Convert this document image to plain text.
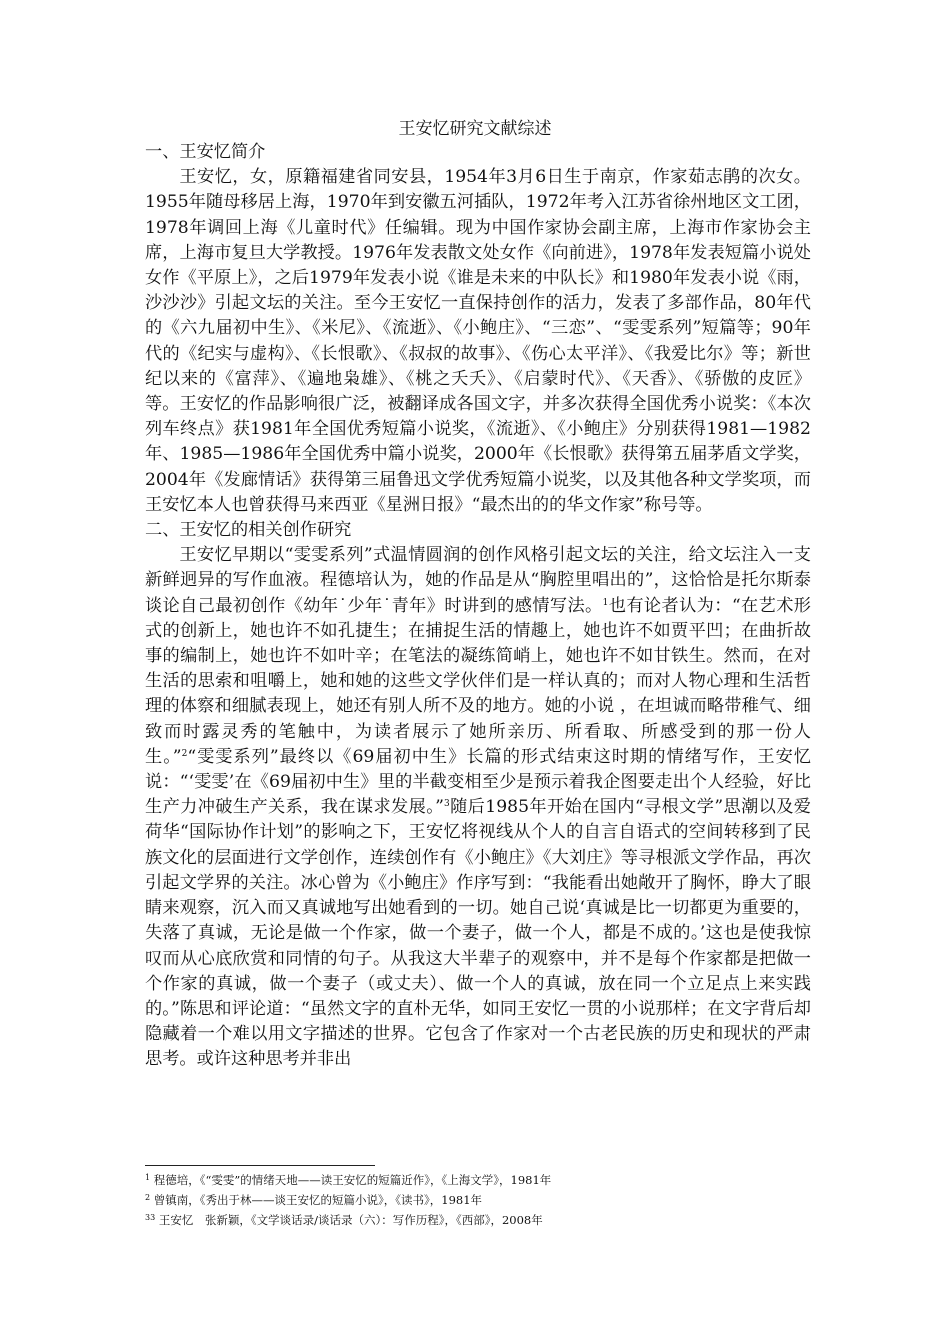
王安忆研究文献综述
一、王安忆简介

王安忆，女，原籍福建省同安县，1954年3月6日生于南京，作家茹志鹃的次女。1955年随母移居上海，1970年到安徽五河插队，1972年考入江苏省徐州地区文工团，1978年调回上海《儿童时代》任编辑。现为中国作家协会副主席，上海市作家协会主席，上海市复旦大学教授。1976年发表散文处女作《向前进》，1978年发表短篇小说处女作《平原上》，之后1979年发表小说《谁是未来的中队长》和1980年发表小说《雨，沙沙沙》引起文坛的关注。至今王安忆一直保持创作的活力，发表了多部作品，80年代的《六九届初中生》、《米尼》、《流逝》、《小鲍庄》、“三恋”、“雯雯系列”短篇等；90年代的《纪实与虚构》、《长恨歌》、《叔叔的故事》、《伤心太平洋》、《我爱比尔》等；新世纪以来的《富萍》、《遍地枭雄》、《桃之夭夭》、《启蒙时代》、《天香》、《骄傲的皮匠》等。王安忆的作品影响很广泛，被翻译成各国文字，并多次获得全国优秀小说奖：《本次列车终点》获1981年全国优秀短篇小说奖，《流逝》、《小鲍庄》分别获得1981—1982年、1985—1986年全国优秀中篇小说奖，2000年《长恨歌》获得第五届茅盾文学奖，2004年《发廊情话》获得第三届鲁迅文学优秀短篇小说奖，以及其他各种文学奖项，而王安忆本人也曾获得马来西亚《星洲日报》“最杰出的的华文作家”称号等。

二、王安忆的相关创作研究

王安忆早期以“雯雯系列”式温情圆润的创作风格引起文坛的关注，给文坛注入一支新鲜迥异的写作血液。程德培认为，她的作品是从“胸腔里唱出的”，这恰恰是托尔斯泰谈论自己最初创作《幼年˙少年˙青年》时讲到的感情写法。$^1$也有论者认为：“在艺术形式的创新上，她也许不如孔捷生；在捕捉生活的情趣上，她也许不如贾平凹；在曲折故事的编制上，她也许不如叶辛；在笔法的凝练简峭上，她也许不如甘铁生。然而，在对生活的思索和咀嚼上，她和她的这些文学伙伴们是一样认真的；而对人物心理和生活哲理的体察和细腻表现上，她还有别人所不及的地方。她的小说 ，在坦诚而略带稚气、细致而时露灵秀的笔触中，为读者展示了她所亲历、所看取、所感受到的那一份人生。”$^2$“雯雯系列”最终以《69届初中生》长篇的形式结束这时期的情绪写作，王安忆说：“‘雯雯’在《69届初中生》里的半截变相至少是预示着我企图要走出个人经验，好比生产力冲破生产关系，我在谋求发展。”$^3$随后1985年开始在国内“寻根文学”思潮以及爱荷华“国际协作计划”的影响之下，王安忆将视线从个人的自言自语式的空间转移到了民族文化的层面进行文学创作，连续创作有《小鲍庄》《大刘庄》等寻根派文学作品，再次引起文学界的关注。冰心曾为《小鲍庄》作序写到：“我能看出她敞开了胸怀，睁大了眼睛来观察，沉入而又真诚地写出她看到的一切。她自己说‘真诚是比一切都更为重要的，失落了真诚，无论是做一个作家，做一个妻子，做一个人，都是不成的。’这也是使我惊叹而从心底欣赏和同情的句子。从我这大半辈子的观察中，并不是每个作家都是把做一个作家的真诚，做一个妻子（或丈夫）、做一个人的真诚，放在同一个立足点上来实践的。”陈思和评论道：“虽然文字的直朴无华，如同王安忆一贯的小说那样；在文字背后却隐藏着一个难以用文字描述的世界。它包含了作家对一个古老民族的历史和现状的严肃思考。或许这种思考并非出

$^1$ 程德培，《“雯雯”的情绪天地——读王安忆的短篇近作》，《上海文学》，1981年

$^2$ 曾镇南，《秀出于林——谈王安忆的短篇小说》，《读书》，1981年

$^{33}$ 王安忆　张新颖，《文学谈话录/谈话录（六）：写作历程》，《西部》，2008年
